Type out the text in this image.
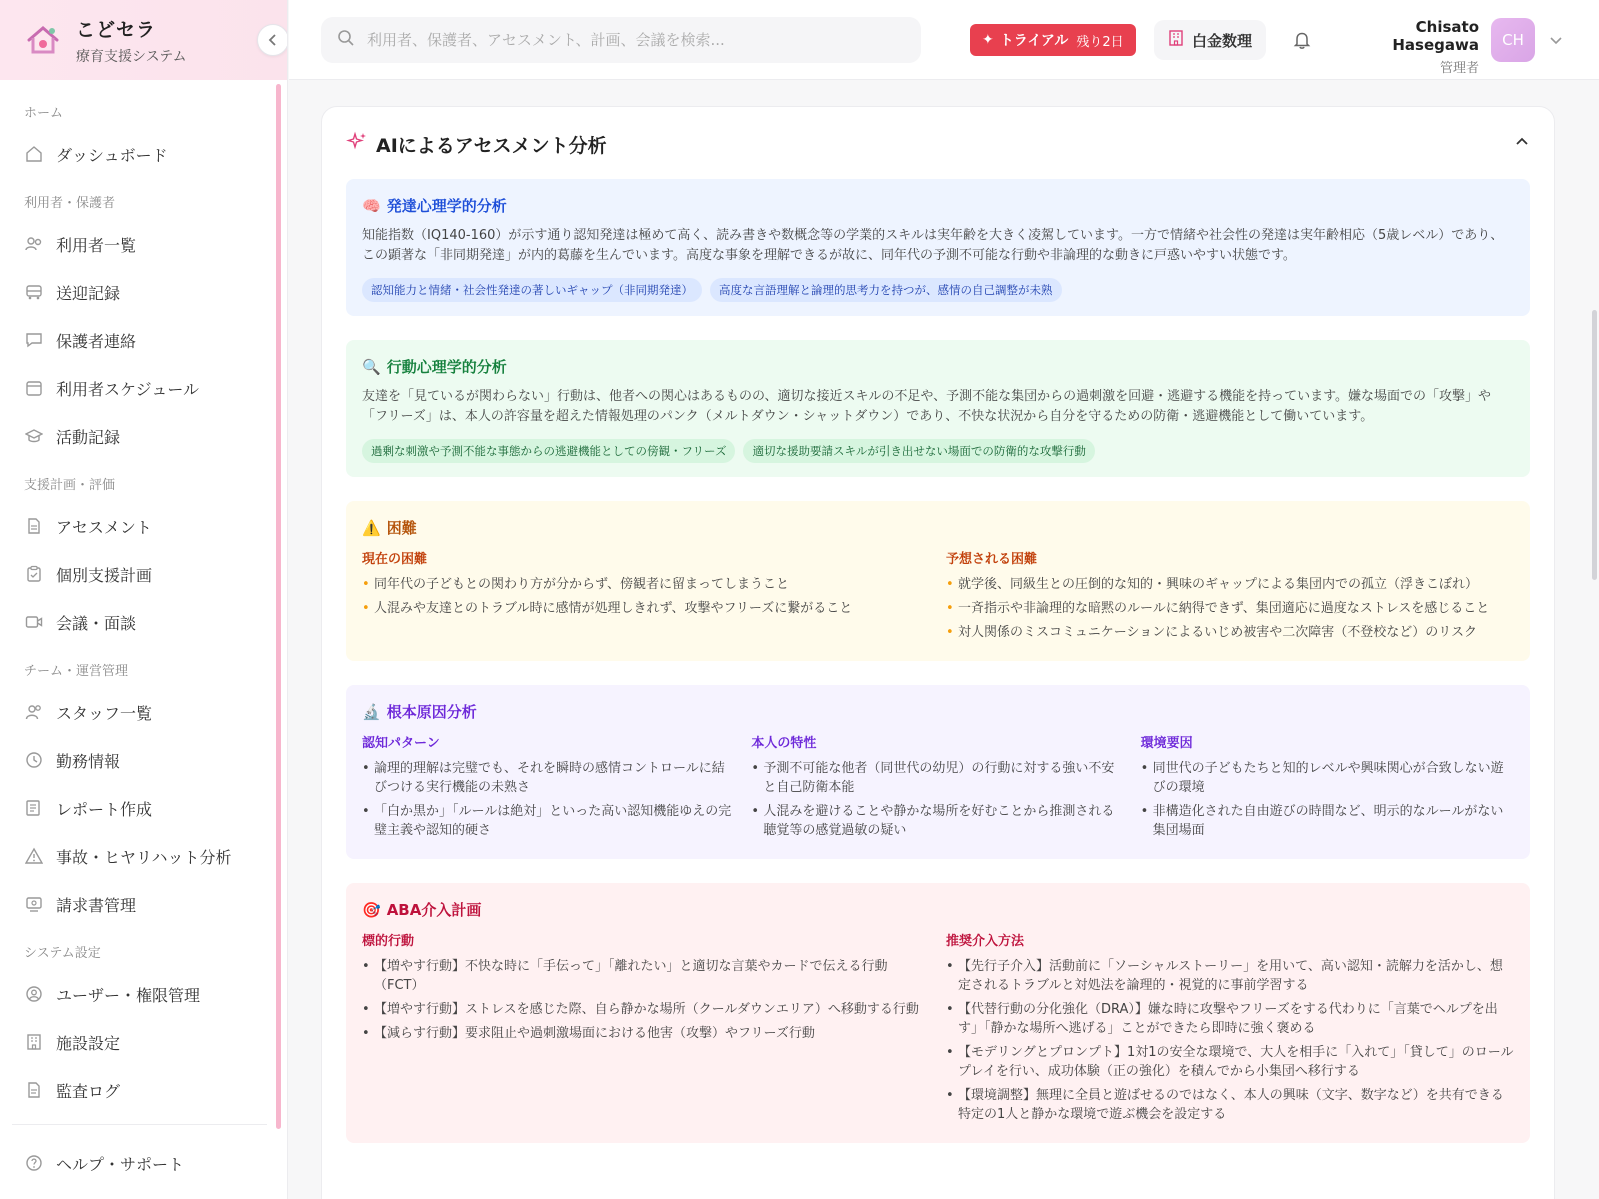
こどセラ
療育支援システム
ホーム
ダッシュボード
利用者・保護者
利用者一覧
送迎記録
保護者連絡
利用者スケジュール
活動記録
支援計画・評価
アセスメント
個別支援計画
会議・面談
チーム・運営管理
スタッフ一覧
勤務情報
レポート作成
事故・ヒヤリハット分析
請求書管理
システム設定
ユーザー・権限管理
施設設定
監査ログ
ヘルプ・サポート
利用者、保護者、アセスメント、計画、会議を検索...
✦ トライアル 残り2日	白金数理
Chisato Hasegawa
管理者
CH
AIによるアセスメント分析
🧠 発達心理学的分析

知能指数（IQ140-160）が示す通り認知発達は極めて高く、読み書きや数概念等の学業的スキルは実年齢を大きく凌駕しています。一方で情緒や社会性の発達は実年齢相応（5歳レベル）であり、この顕著な「非同期発達」が内的葛藤を生んでいます。高度な事象を理解できるが故に、同年代の予測不可能な行動や非論理的な動きに戸惑いやすい状態です。

認知能力と情緒・社会性発達の著しいギャップ（非同期発達）	高度な言語理解と論理的思考力を持つが、感情の自己調整が未熟
🔍 行動心理学的分析

友達を「見ているが関わらない」行動は、他者への関心はあるものの、適切な接近スキルの不足や、予測不能な集団からの過刺激を回避・逃避する機能を持っています。嫌な場面での「攻撃」や「フリーズ」は、本人の許容量を超えた情報処理のパンク（メルトダウン・シャットダウン）であり、不快な状況から自分を守るための防衛・逃避機能として働いています。

過剰な刺激や予測不能な事態からの逃避機能としての傍観・フリーズ	適切な援助要請スキルが引き出せない場面での防衛的な攻撃行動
⚠️ 困難
現在の困難
• 同年代の子どもとの関わり方が分からず、傍観者に留まってしまうこと
• 人混みや友達とのトラブル時に感情が処理しきれず、攻撃やフリーズに繋がること
予想される困難
• 就学後、同級生との圧倒的な知的・興味のギャップによる集団内での孤立（浮きこぼれ）
• 一斉指示や非論理的な暗黙のルールに納得できず、集団適応に過度なストレスを感じること
• 対人関係のミスコミュニケーションによるいじめ被害や二次障害（不登校など）のリスク
🔬 根本原因分析
認知パターン
• 論理的理解は完璧でも、それを瞬時の感情コントロールに結びつける実行機能の未熟さ
• 「白か黒か」「ルールは絶対」といった高い認知機能ゆえの完璧主義や認知的硬さ
本人の特性
• 予測不可能な他者（同世代の幼児）の行動に対する強い不安と自己防衛本能
• 人混みを避けることや静かな場所を好むことから推測される聴覚等の感覚過敏の疑い
環境要因
• 同世代の子どもたちと知的レベルや興味関心が合致しない遊びの環境
• 非構造化された自由遊びの時間など、明示的なルールがない集団場面
🎯 ABA介入計画
標的行動
• 【増やす行動】不快な時に「手伝って」「離れたい」と適切な言葉やカードで伝える行動（FCT）
• 【増やす行動】ストレスを感じた際、自ら静かな場所（クールダウンエリア）へ移動する行動
• 【減らす行動】要求阻止や過刺激場面における他害（攻撃）やフリーズ行動
推奨介入方法
• 【先行子介入】活動前に「ソーシャルストーリー」を用いて、高い認知・読解力を活かし、想定されるトラブルと対処法を論理的・視覚的に事前学習する
• 【代替行動の分化強化（DRA）】嫌な時に攻撃やフリーズをする代わりに「言葉でヘルプを出す」「静かな場所へ逃げる」ことができたら即時に強く褒める
• 【モデリングとプロンプト】1対1の安全な環境で、大人を相手に「入れて」「貸して」のロールプレイを行い、成功体験（正の強化）を積んでから小集団へ移行する
• 【環境調整】無理に全員と遊ばせるのではなく、本人の興味（文字、数字など）を共有できる特定の1人と静かな環境で遊ぶ機会を設定する
